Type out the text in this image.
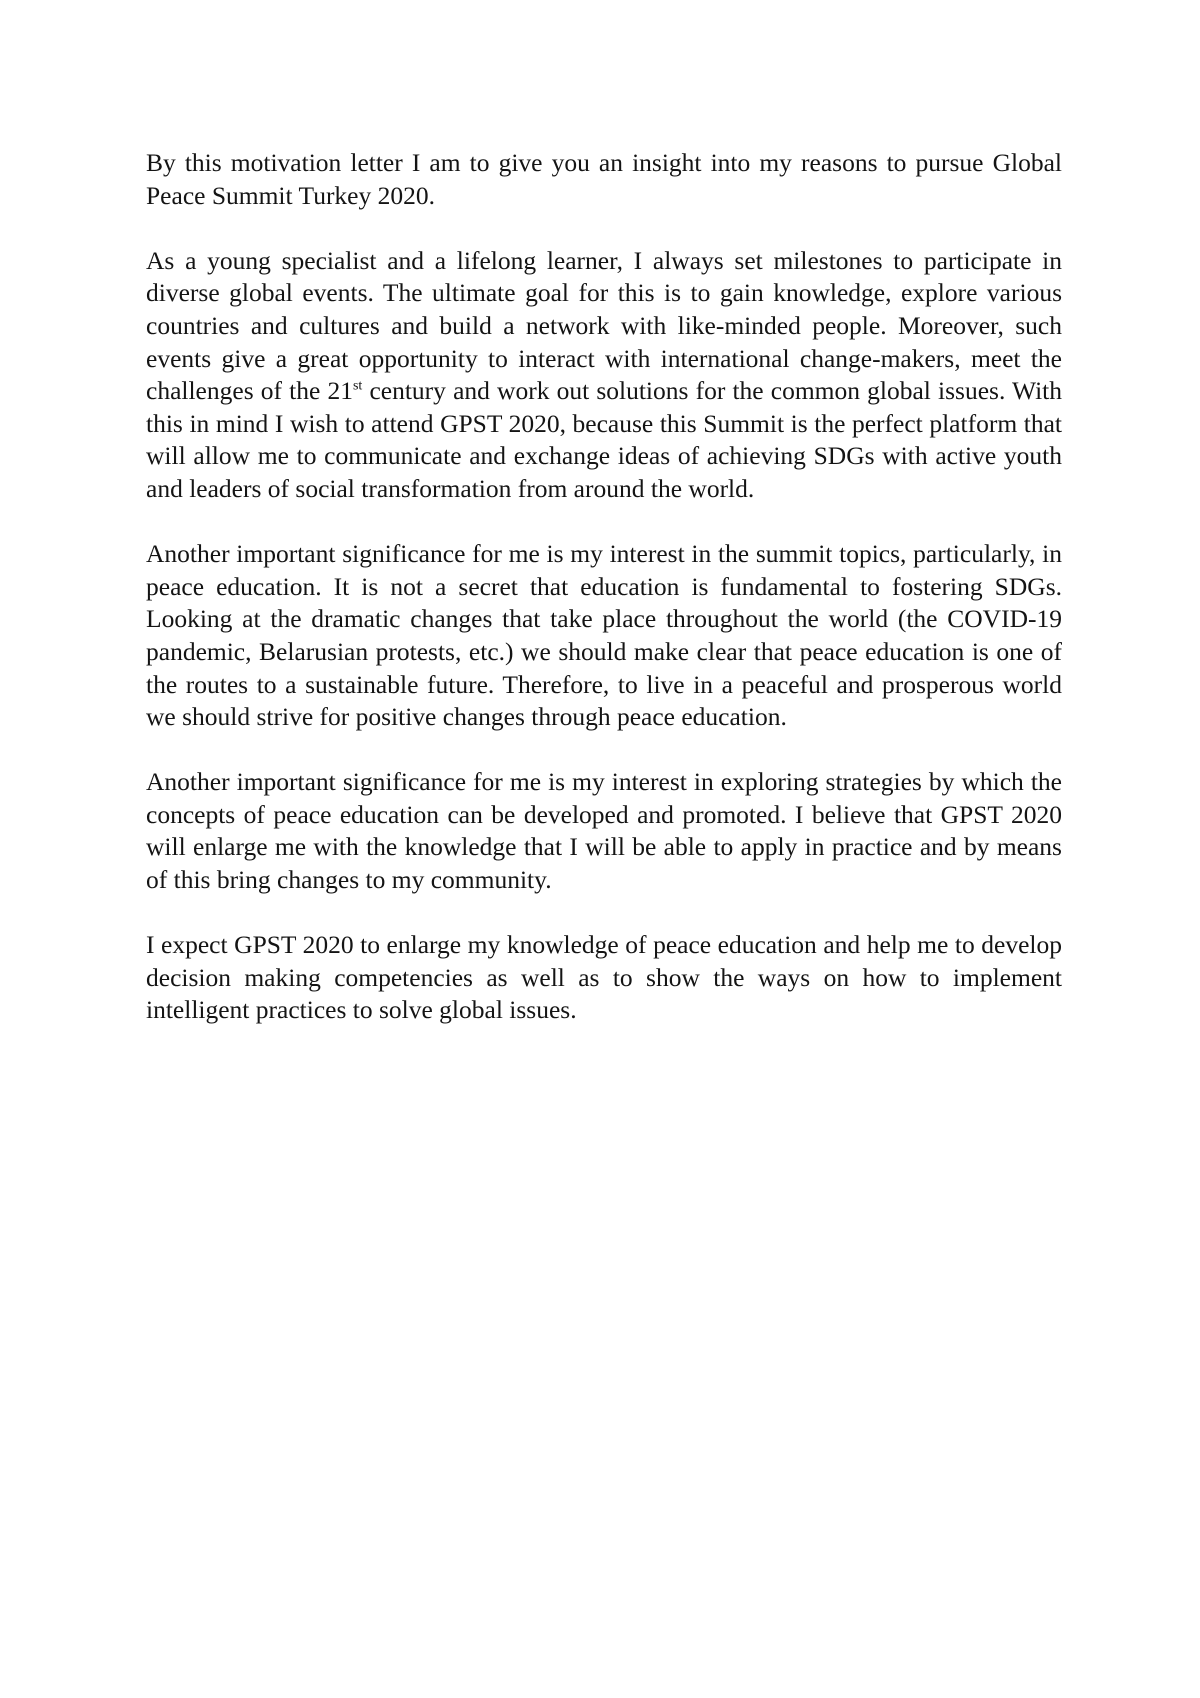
By this motivation letter I am to give you an insight into my reasons to pursue Global Peace Summit Turkey 2020.

As a young specialist and a lifelong learner, I always set milestones to participate in diverse global events. The ultimate goal for this is to gain knowledge, explore various countries and cultures and build a network with like-minded people. Moreover, such events give a great opportunity to interact with international change-makers, meet the challenges of the 21st century and work out solutions for the common global issues. With this in mind I wish to attend GPST 2020, because this Summit is the perfect platform that will allow me to communicate and exchange ideas of achieving SDGs with active youth and leaders of social transformation from around the world.

Another important significance for me is my interest in the summit topics, particularly, in peace education. It is not a secret that education is fundamental to fostering SDGs. Looking at the dramatic changes that take place throughout the world (the COVID-19 pandemic, Belarusian protests, etc.) we should make clear that peace education is one of the routes to a sustainable future. Therefore, to live in a peaceful and prosperous world we should strive for positive changes through peace education.

Another important significance for me is my interest in exploring strategies by which the concepts of peace education can be developed and promoted. I believe that GPST 2020 will enlarge me with the knowledge that I will be able to apply in practice and by means of this bring changes to my community.

I expect GPST 2020 to enlarge my knowledge of peace education and help me to develop decision making competencies as well as to show the ways on how to implement intelligent practices to solve global issues.
